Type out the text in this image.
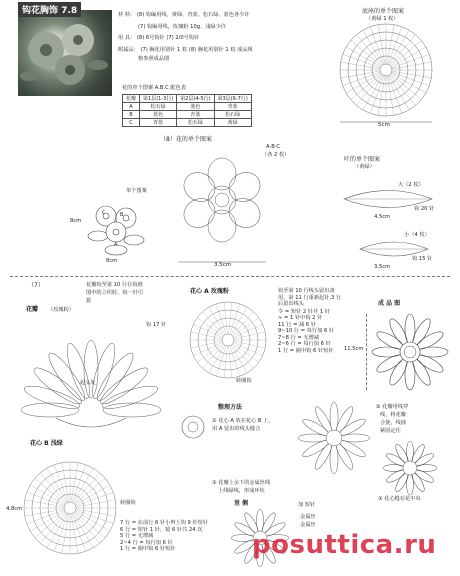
钩花胸饰 7.8	材 料： (8) 钩编用线，黄绿、青蓝、松石绿、蓝色各少许
(7) 钩编用线，玫瑰粉 10g、浅绿少许
用 具： (8) 6号钩针 (7) 2/0号钩针
附属品： (7) 胸花用别针 1 枚 (8) 胸花用别针 1 枚 成品规
格参照成品图
花的单个图案 A.B.C 配色表
花瓣	第1层(1-3行)	第2层(4-5行)	第3层(6-7行)
A	松石绿	蓝色	青蓝
B	蓝色	青蓝	松石绿
C	青蓝	松石绿	黄绿
底座的单个图案
（黄绿 1 枚）
5cm
（8）花的单个图案
A·B·C
（各 2 枚）
3.5cm
单个图案
A
B
C
8cm
8cm
叶的单个图案
（黄绿）
大（2 枚）
钩 20 针
4.5cm
小（4 枚）
钩 15 针
3.5cm
（7）	花瓣钩至第 10 行在钩到
图中的立织时，钩一针引
拔
花瓣 （玫瑰粉）
钩 17 针
起头处
花心 A 玫瑰粉
转圈钩
钩至第 10 行线头留出备
用，第 11 行重新起针,3 行
后留出线头
令 = 短针 2 针并 1 针
≈ = 1 针中钩 2 针
11 行 = 减 6 针
9~10 行 = 每行加 6 针
7~8 行 = 无增减
2~6 行 = 每行加 6 针
1 行 = 圈中钩 6 针短针
成 品 图
11.5cm
整理方法
① 花心 A 放在花心 B 上，
用 A 留出的线头缝合
② 花瓣用线穿
线，将花瓣
合拢，线抽
紧固定住
花心 B 浅绿
4.8cm
转圈钩
7 行 = 在前行 6 针小辫上钩 9 针短针
6 行 = 短针 1 针，镜 6 针共 24 次
5 行 = 无增减
2~4 行 = 每行加 6 针
1 行 = 圈中钩 6 针短针
③ 花瓣上余下的金属丝线
上线绿线，形成环状
里 侧	加 短针
金属丝
金属丝
③ 花心缝在花中央
posuttica.ru
